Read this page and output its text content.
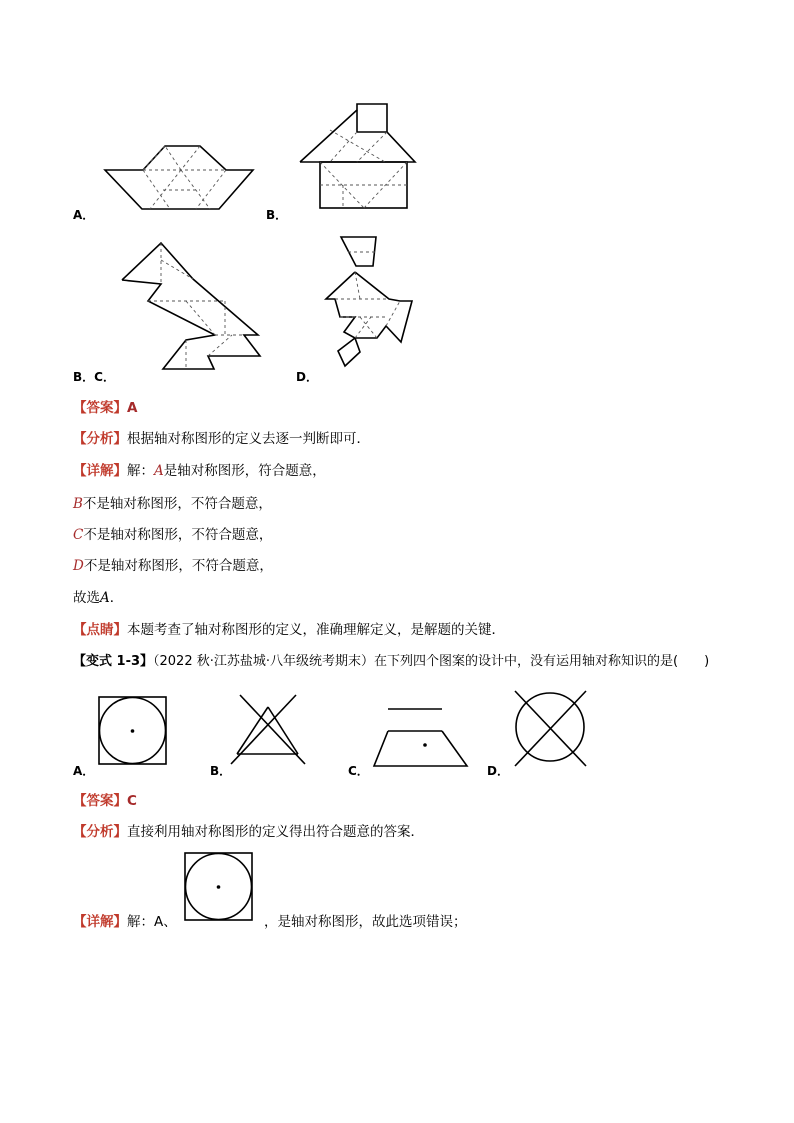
A．	B．
B．C．	D．
【答案】A
【分析】根据轴对称图形的定义去逐一判断即可．
【详解】解：A是轴对称图形，符合题意，
B不是轴对称图形，不符合题意，
C不是轴对称图形，不符合题意，
D不是轴对称图形，不符合题意，
故选A．
【点睛】本题考查了轴对称图形的定义，准确理解定义，是解题的关键．
【变式 1-3】（2022 秋·江苏盐城·八年级统考期末）在下列四个图案的设计中，没有运用轴对称知识的是(　　)
A．	B．	C．	D．
【答案】C
【分析】直接利用轴对称图形的定义得出符合题意的答案．
【详解】解：A、	，是轴对称图形，故此选项错误；
